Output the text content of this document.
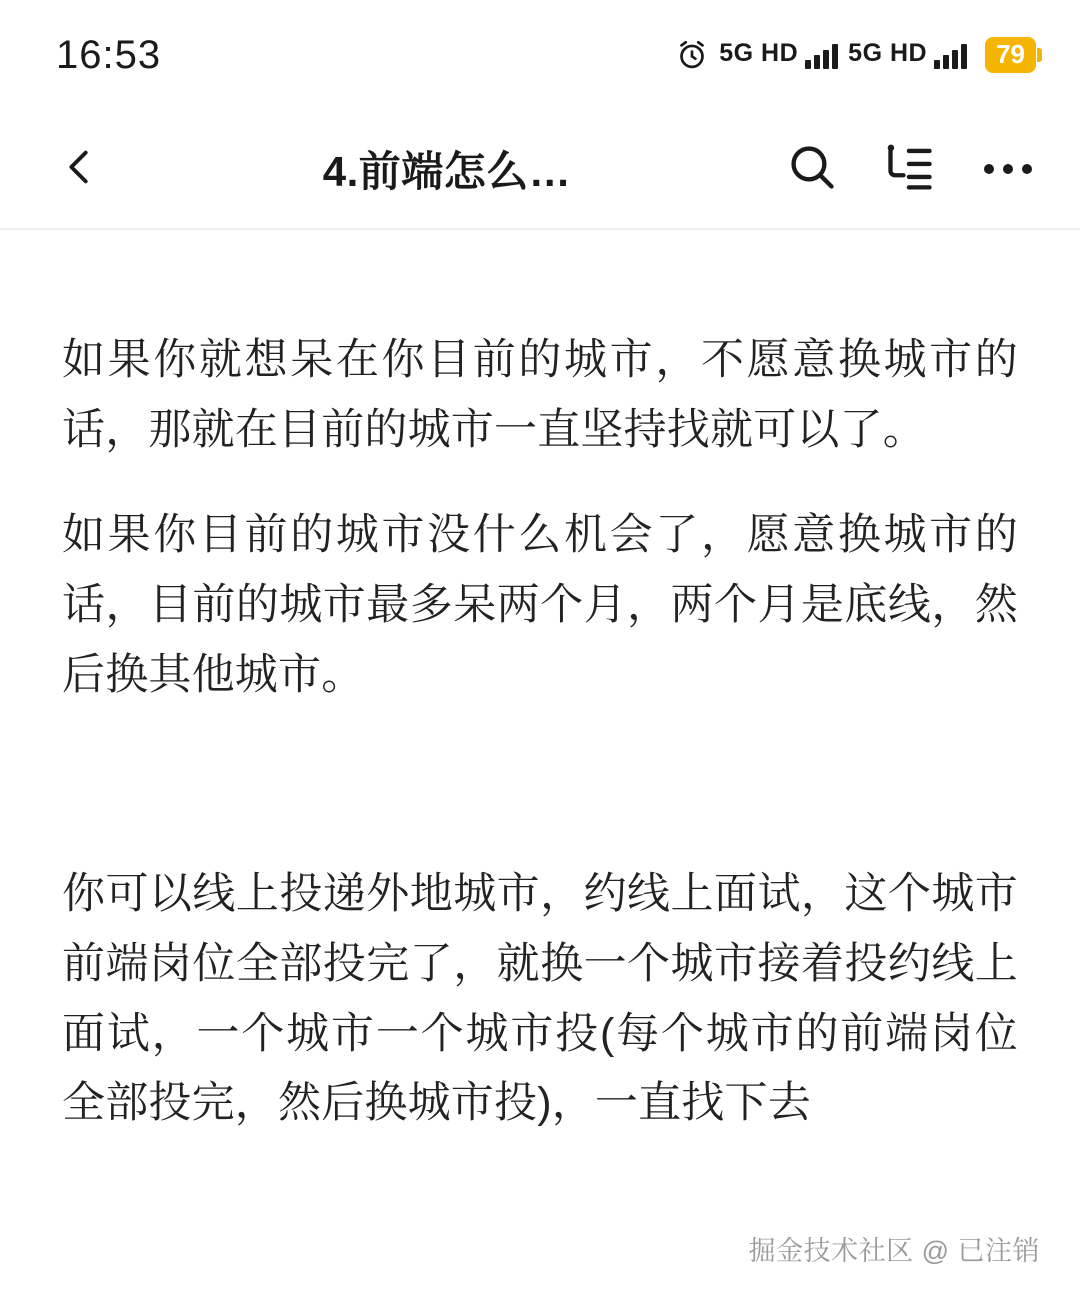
16:53	5G HD 5G HD	79
4.前端怎么…

如果你就想呆在你目前的城市，不愿意换城市的话，那就在目前的城市一直坚持找就可以了。

如果你目前的城市没什么机会了，愿意换城市的话，目前的城市最多呆两个月，两个月是底线，然后换其他城市。

你可以线上投递外地城市，约线上面试，这个城市前端岗位全部投完了，就换一个城市接着投约线上面试，一个城市一个城市投(每个城市的前端岗位全部投完，然后换城市投)，一直找下去

掘金技术社区 @ 已注销
